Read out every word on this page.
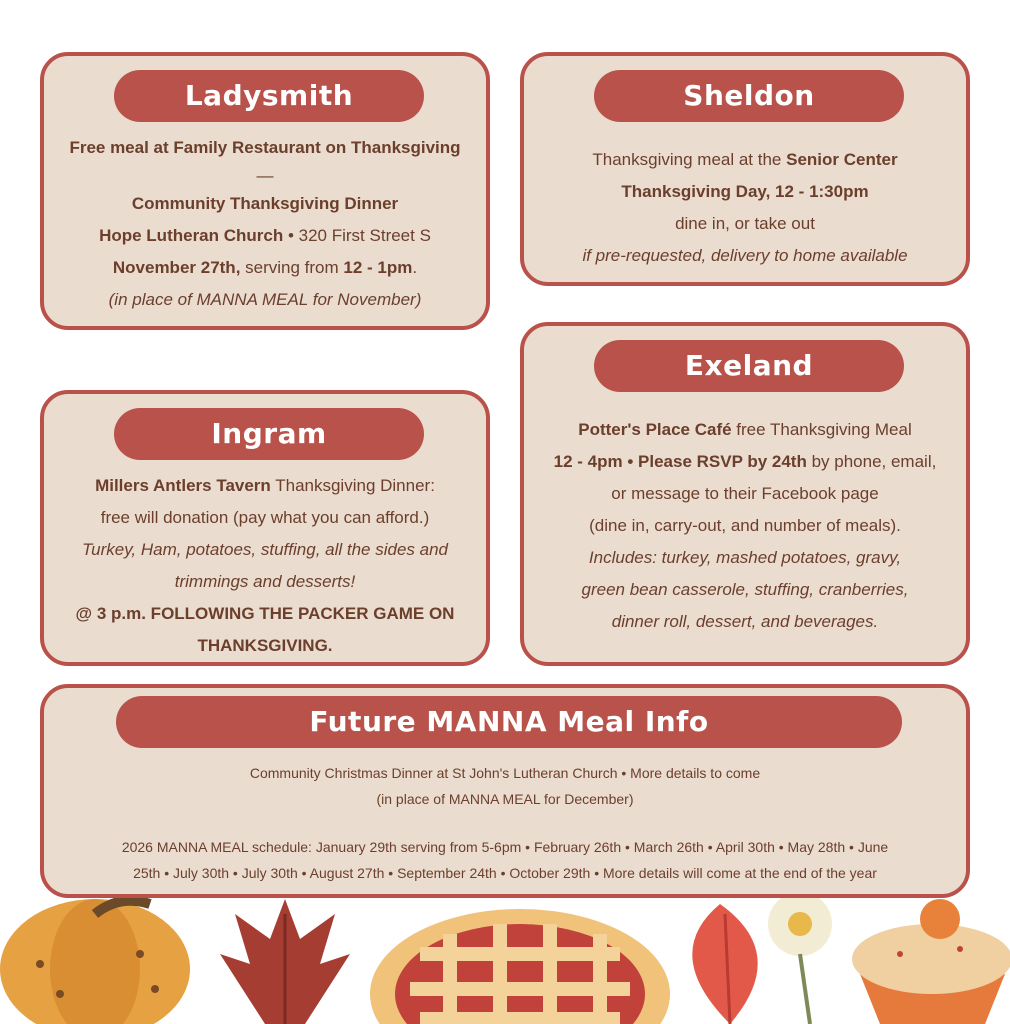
Ladysmith

Free meal at Family Restaurant on Thanksgiving

—

Community Thanksgiving Dinner

Hope Lutheran Church • 320 First Street S

November 27th, serving from 12 - 1pm.

(in place of MANNA MEAL for November)

Sheldon

Thanksgiving meal at the Senior Center

Thanksgiving Day, 12 - 1:30pm

dine in, or take out

if pre-requested, delivery to home available

Exeland

Potter's Place Café free Thanksgiving Meal

12 - 4pm • Please RSVP by 24th by phone, email,

or message to their Facebook page

(dine in, carry-out, and number of meals).

Includes: turkey, mashed potatoes, gravy,

green bean casserole, stuffing, cranberries,

dinner roll, dessert, and beverages.

Ingram

Millers Antlers Tavern Thanksgiving Dinner:

free will donation (pay what you can afford.)

Turkey, Ham, potatoes, stuffing, all the sides and

trimmings and desserts!

@ 3 p.m. FOLLOWING THE PACKER GAME ON

THANKSGIVING.

Future MANNA Meal Info

Community Christmas Dinner at St John's Lutheran Church • More details to come

(in place of MANNA MEAL for December)

2026 MANNA MEAL schedule: January 29th serving from 5-6pm • February 26th • March 26th • April 30th • May 28th • June

25th • July 30th • July 30th • August 27th • September 24th • October 29th • More details will come at the end of the year
